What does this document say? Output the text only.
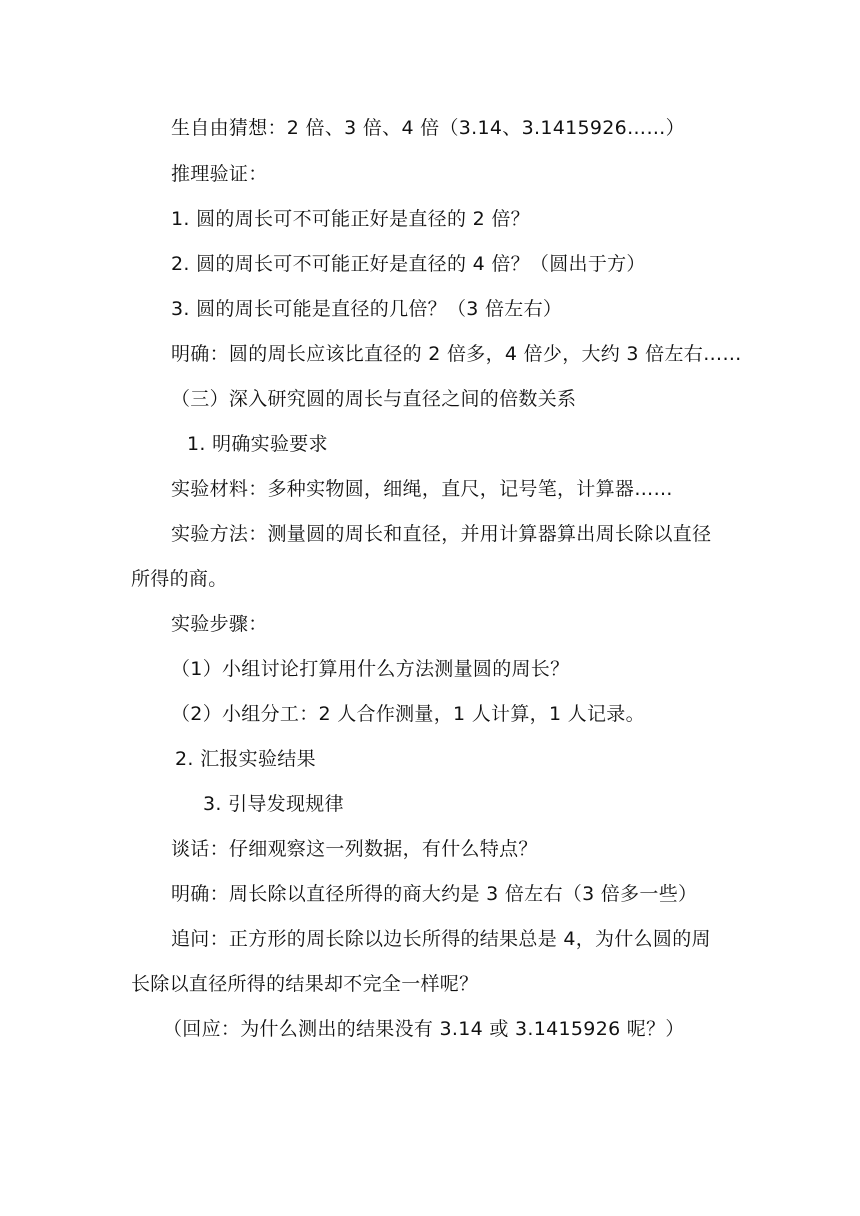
生自由猜想：2 倍、3 倍、4 倍（3.14、3.1415926……）
推理验证：
1. 圆的周长可不可能正好是直径的 2 倍？
2. 圆的周长可不可能正好是直径的 4 倍？（圆出于方）
3. 圆的周长可能是直径的几倍？（3 倍左右）
明确：圆的周长应该比直径的 2 倍多，4 倍少，大约 3 倍左右……
（三）深入研究圆的周长与直径之间的倍数关系
1. 明确实验要求
实验材料：多种实物圆，细绳，直尺，记号笔，计算器……
实验方法：测量圆的周长和直径，并用计算器算出周长除以直径
所得的商。
实验步骤：
（1）小组讨论打算用什么方法测量圆的周长？
（2）小组分工：2 人合作测量，1 人计算，1 人记录。
2. 汇报实验结果
3. 引导发现规律
谈话：仔细观察这一列数据，有什么特点？
明确：周长除以直径所得的商大约是 3 倍左右（3 倍多一些）
追问：正方形的周长除以边长所得的结果总是 4，为什么圆的周
长除以直径所得的结果却不完全一样呢？
（回应：为什么测出的结果没有 3.14 或 3.1415926 呢？）
